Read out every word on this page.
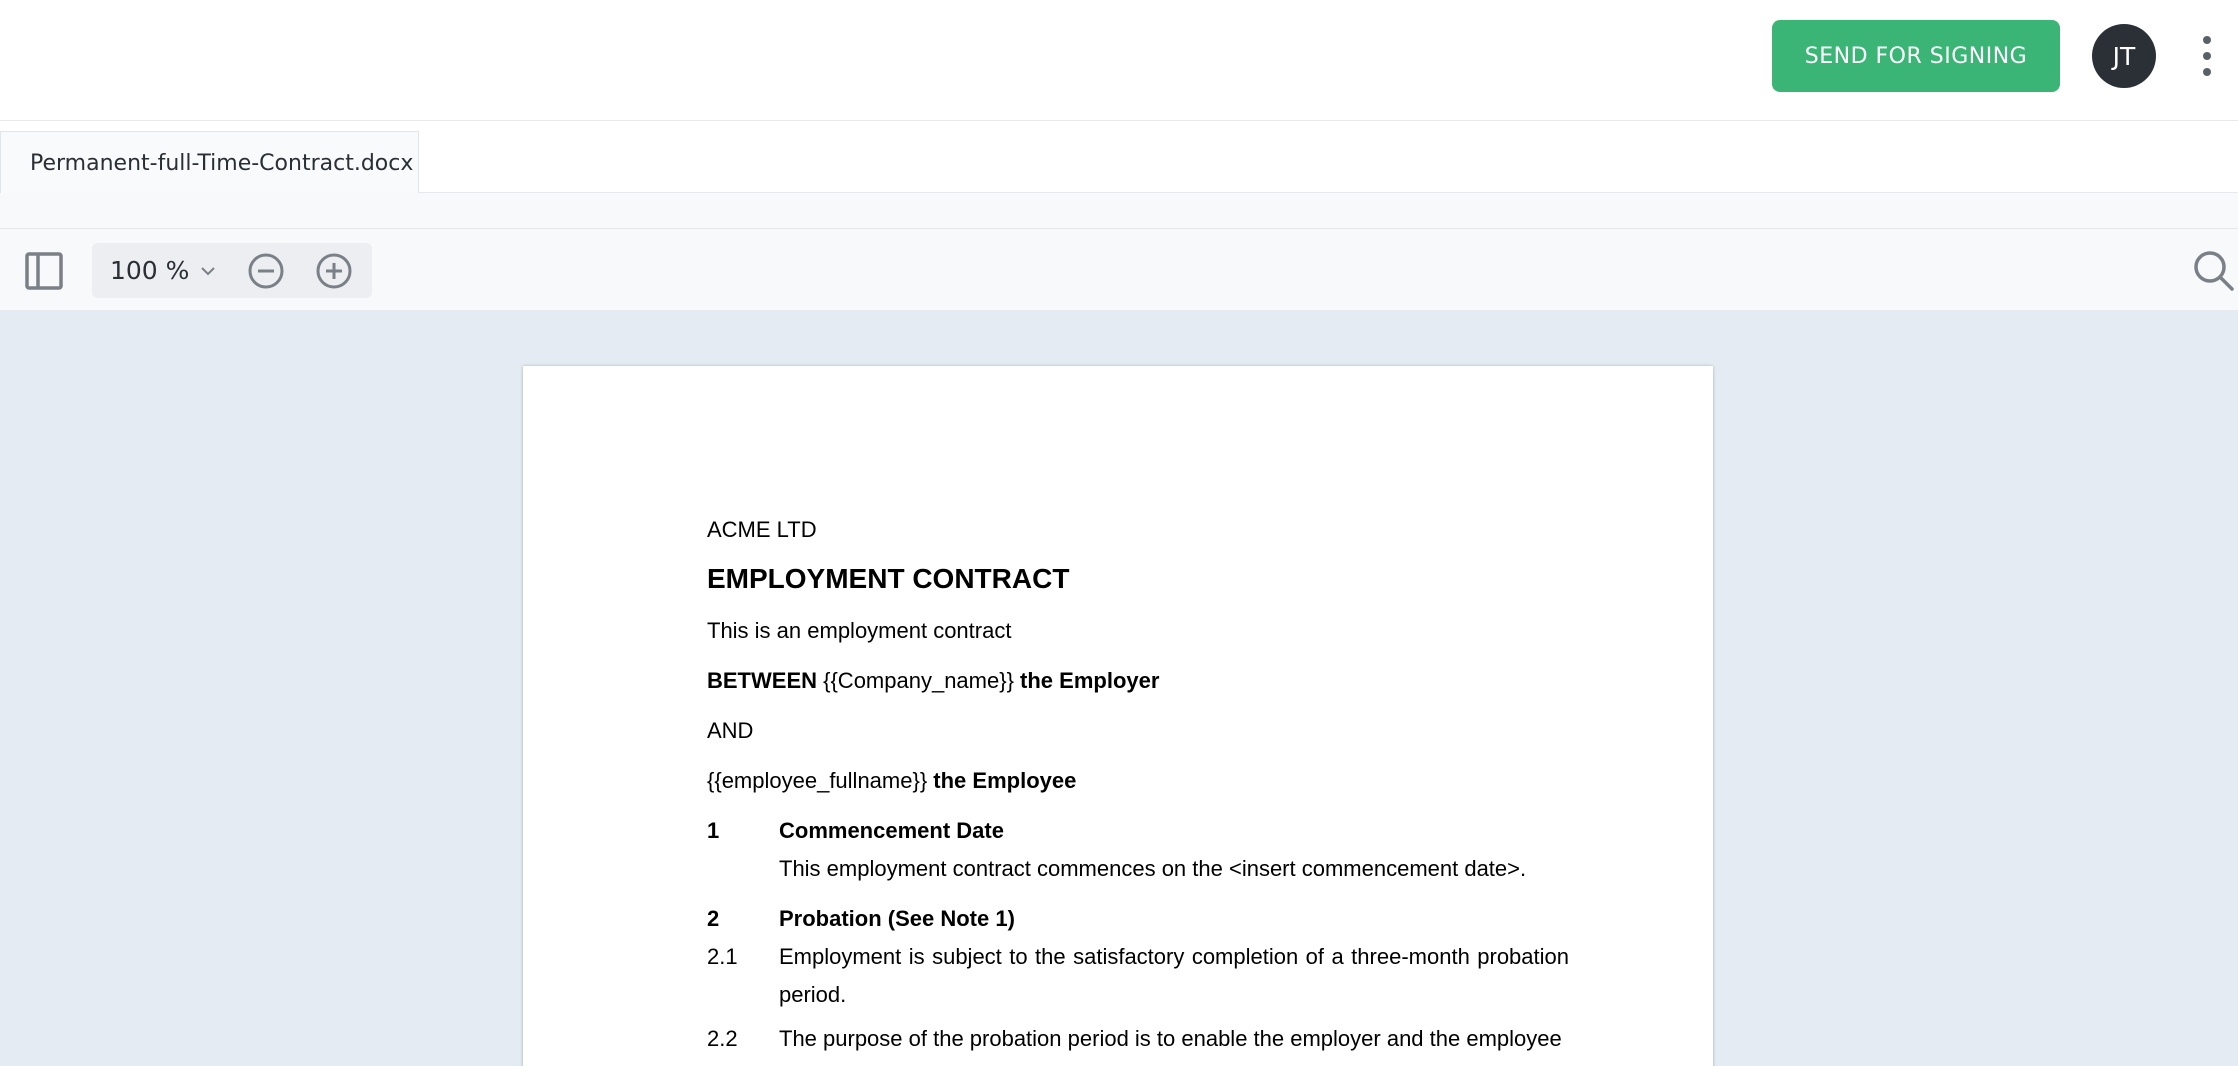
SEND FOR SIGNING	JT
Permanent-full-Time-Contract.docx
100 %
ACME LTD
EMPLOYMENT CONTRACT
This is an employment contract
BETWEEN {{Company_name}} the Employer
AND
{{employee_fullname}} the Employee
1	Commencement Date
This employment contract commences on the <insert commencement date>.
2	Probation (See Note 1)
2.1 Employment is subject to the satisfactory completion of a three-month probation period.
2.2 The purpose of the probation period is to enable the employer and the employee
